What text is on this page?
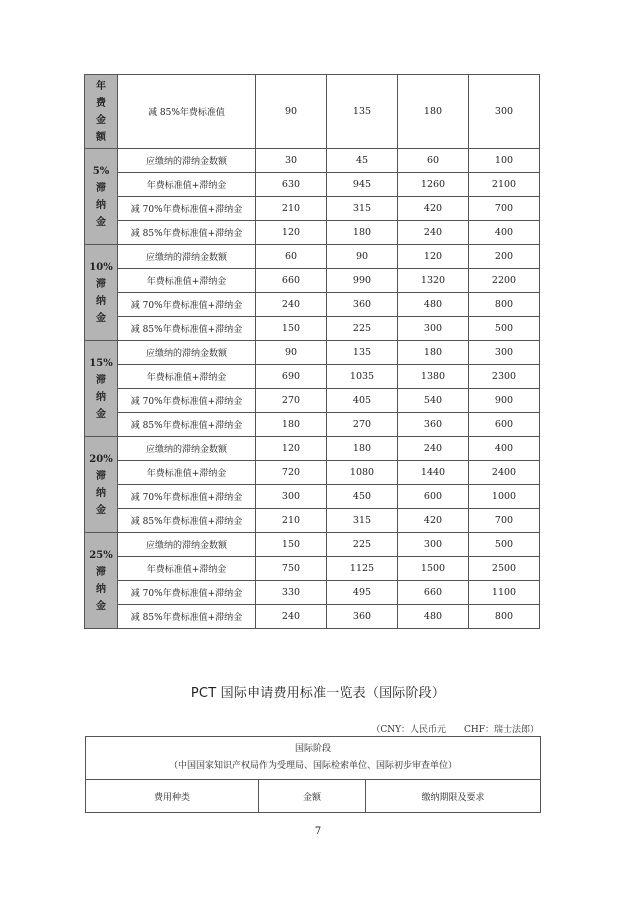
年
费
金
额	减 85%年费标准值	90	135	180	300

5%
滞
纳
金	应缴纳的滞纳金数额	30	45	60	100
	年费标准值+滞纳金	630	945	1260	2100
	减 70%年费标准值+滞纳金	210	315	420	700
	减 85%年费标准值+滞纳金	120	180	240	400

10%
滞
纳
金	应缴纳的滞纳金数额	60	90	120	200
	年费标准值+滞纳金	660	990	1320	2200
	减 70%年费标准值+滞纳金	240	360	480	800
	减 85%年费标准值+滞纳金	150	225	300	500

15%
滞
纳
金	应缴纳的滞纳金数额	90	135	180	300
	年费标准值+滞纳金	690	1035	1380	2300
	减 70%年费标准值+滞纳金	270	405	540	900
	减 85%年费标准值+滞纳金	180	270	360	600

20%
滞
纳
金	应缴纳的滞纳金数额	120	180	240	400
	年费标准值+滞纳金	720	1080	1440	2400
	减 70%年费标准值+滞纳金	300	450	600	1000
	减 85%年费标准值+滞纳金	210	315	420	700

25%
滞
纳
金	应缴纳的滞纳金数额	150	225	300	500
	年费标准值+滞纳金	750	1125	1500	2500
	减 70%年费标准值+滞纳金	330	495	660	1100
	减 85%年费标准值+滞纳金	240	360	480	800
PCT 国际申请费用标准一览表（国际阶段）
（CNY：人民币元　　CHF：瑞士法郎）
国际阶段
（中国国家知识产权局作为受理局、国际检索单位、国际初步审查单位）

费用种类	金额	缴纳期限及要求
7
